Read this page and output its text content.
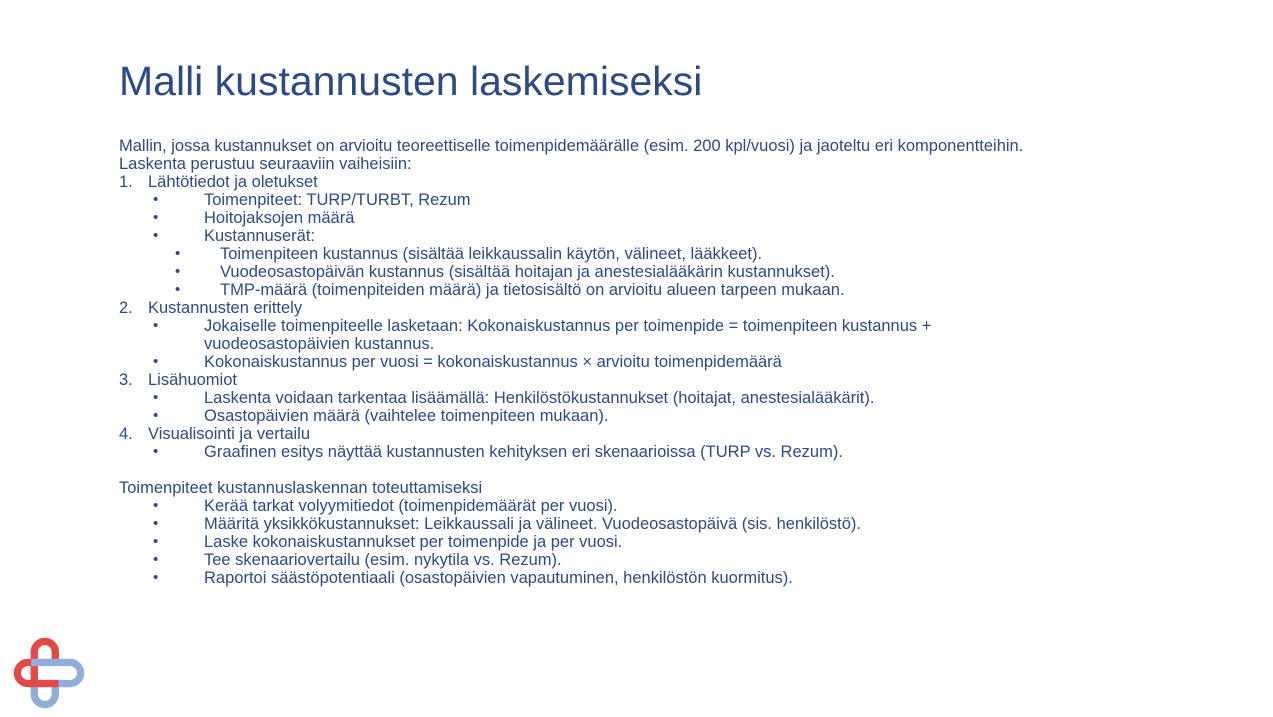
Malli kustannusten laskemiseksi
Mallin, jossa kustannukset on arvioitu teoreettiselle toimenpidemäärälle (esim. 200 kpl/vuosi) ja jaoteltu eri komponentteihin.
Laskenta perustuu seuraaviin vaiheisiin:
1. Lähtötiedot ja oletukset
•	Toimenpiteet: TURP/TURBT, Rezum
•	Hoitojaksojen määrä
•	Kustannuserät:
• Toimenpiteen kustannus (sisältää leikkaussalin käytön, välineet, lääkkeet).
• Vuodeosastopäivän kustannus (sisältää hoitajan ja anestesialääkärin kustannukset).
• TMP-määrä (toimenpiteiden määrä) ja tietosisältö on arvioitu alueen tarpeen mukaan.
2. Kustannusten erittely
•	Jokaiselle toimenpiteelle lasketaan: Kokonaiskustannus per toimenpide = toimenpiteen kustannus +
vuodeosastopäivien kustannus.
•	Kokonaiskustannus per vuosi = kokonaiskustannus × arvioitu toimenpidemäärä
3. Lisähuomiot
•	Laskenta voidaan tarkentaa lisäämällä: Henkilöstökustannukset (hoitajat, anestesialääkärit).
•	Osastopäivien määrä (vaihtelee toimenpiteen mukaan).
4. Visualisointi ja vertailu
•	Graafinen esitys näyttää kustannusten kehityksen eri skenaarioissa (TURP vs. Rezum).
Toimenpiteet kustannuslaskennan toteuttamiseksi
•	Kerää tarkat volyymitiedot (toimenpidemäärät per vuosi).
•	Määritä yksikkökustannukset: Leikkaussali ja välineet. Vuodeosastopäivä (sis. henkilöstö).
•	Laske kokonaiskustannukset per toimenpide ja per vuosi.
•	Tee skenaariovertailu (esim. nykytila vs. Rezum).
•	Raportoi säästöpotentiaali (osastopäivien vapautuminen, henkilöstön kuormitus).
